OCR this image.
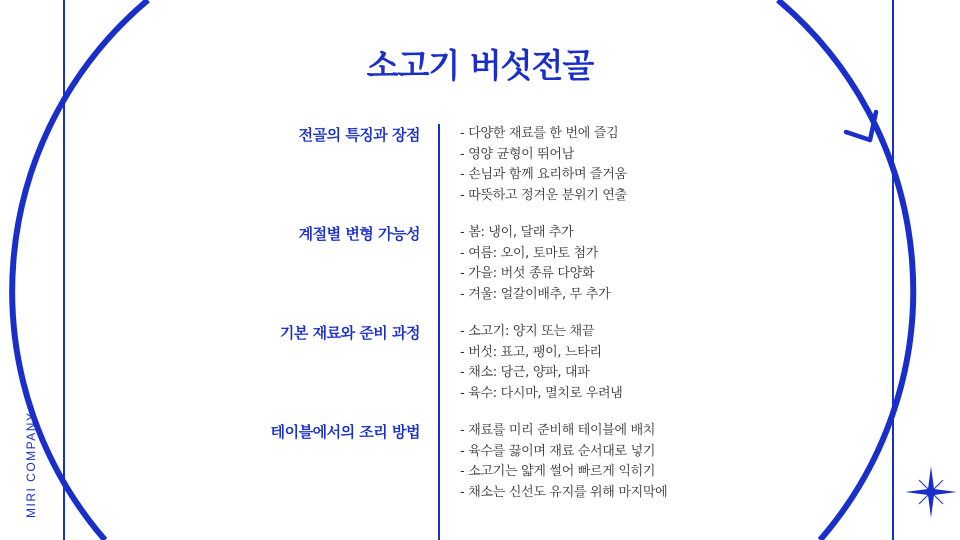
MIRI COMPANY
소고기 버섯전골
전골의 특징과 장점	- 다양한 재료를 한 번에 즐김
- 영양 균형이 뛰어남
- 손님과 함께 요리하며 즐거움
- 따뜻하고 정겨운 분위기 연출
계절별 변형 가능성	- 봄: 냉이, 달래 추가
- 여름: 오이, 토마토 첨가
- 가을: 버섯 종류 다양화
- 겨울: 얼갈이배추, 무 추가
기본 재료와 준비 과정	- 소고기: 양지 또는 채끝
- 버섯: 표고, 팽이, 느타리
- 채소: 당근, 양파, 대파
- 육수: 다시마, 멸치로 우려냄
테이블에서의 조리 방법	- 재료를 미리 준비해 테이블에 배치
- 육수를 끓이며 재료 순서대로 넣기
- 소고기는 얇게 썰어 빠르게 익히기
- 채소는 신선도 유지를 위해 마지막에
